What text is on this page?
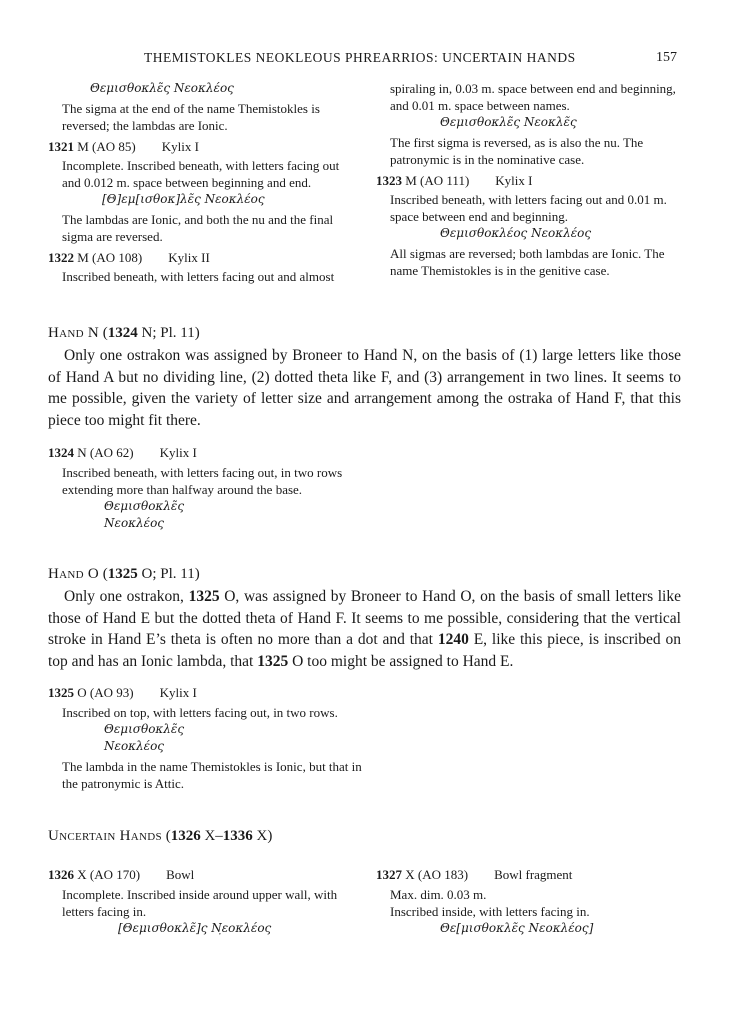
THEMISTOKLES NEOKLEOUS PHREARRIOS: UNCERTAIN HANDS	157

Θεμισθοκλε̃ς Νεοκλέος

The sigma at the end of the name Themistokles is reversed; the lambdas are Ionic.

1321 M (AO 85) Kylix I

Incomplete. Inscribed beneath, with letters facing out and 0.012 m. space between beginning and end.

[Θ]εμ[ισθοκ]λε̃ς Νεοκλέος

The lambdas are Ionic, and both the nu and the final sigma are reversed.

1322 M (AO 108) Kylix II

Inscribed beneath, with letters facing out and almost

spiraling in, 0.03 m. space between end and beginning, and 0.01 m. space between names.

Θεμισθοκλε̃ς Νεοκλε̃ς

The first sigma is reversed, as is also the nu. The patronymic is in the nominative case.

1323 M (AO 111) Kylix I

Inscribed beneath, with letters facing out and 0.01 m. space between end and beginning.

Θεμισθοκλέος Νεοκλέος

All sigmas are reversed; both lambdas are Ionic. The name Themistokles is in the genitive case.

Hand N (1324 N; Pl. 11)

Only one ostrakon was assigned by Broneer to Hand N, on the basis of (1) large letters like those of Hand A but no dividing line, (2) dotted theta like F, and (3) arrangement in two lines. It seems to me possible, given the variety of letter size and arrangement among the ostraka of Hand F, that this piece too might fit there.

1324 N (AO 62) Kylix I

Inscribed beneath, with letters facing out, in two rows extending more than halfway around the base.

Θεμισθοκλε̃ς

Νεοκλέος

Hand O (1325 O; Pl. 11)

Only one ostrakon, 1325 O, was assigned by Broneer to Hand O, on the basis of small letters like those of Hand E but the dotted theta of Hand F. It seems to me possible, considering that the vertical stroke in Hand E’s theta is often no more than a dot and that 1240 E, like this piece, is inscribed on top and has an Ionic lambda, that 1325 O too might be assigned to Hand E.

1325 O (AO 93) Kylix I

Inscribed on top, with letters facing out, in two rows.

Θεμισθοκλε̃ς

Νεοκλέος

The lambda in the name Themistokles is Ionic, but that in the patronymic is Attic.

Uncertain Hands (1326 X–1336 X)

1326 X (AO 170) Bowl

Incomplete. Inscribed inside around upper wall, with letters facing in.

[Θεμισθοκλε̃]ς Ν̣εοκλέος

1327 X (AO 183) Bowl fragment

Max. dim. 0.03 m.

Inscribed inside, with letters facing in.

Θε[μισθοκλε̃ς Νεοκλέος]
